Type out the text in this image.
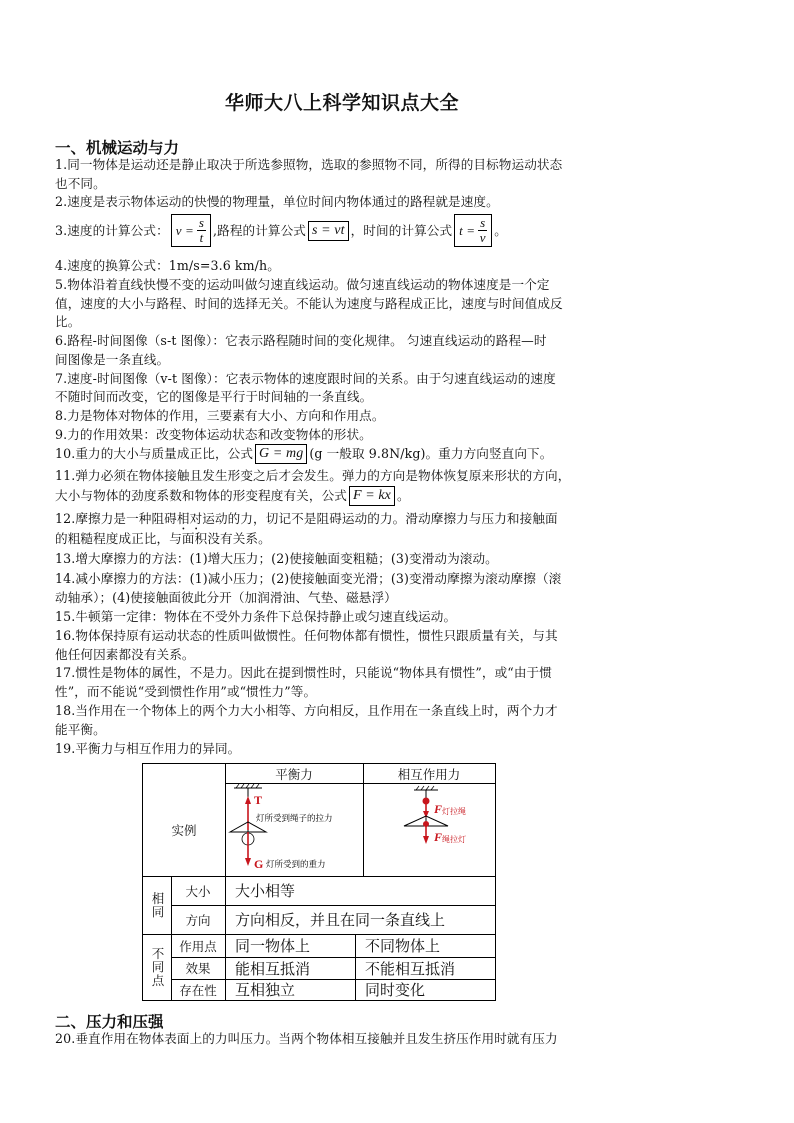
华师大八上科学知识点大全
一、机械运动与力
1.同一物体是运动还是静止取决于所选参照物，选取的参照物不同，所得的目标物运动状态
也不同。
2.速度是表示物体运动的快慢的物理量，单位时间内物体通过的路程就是速度。
3.速度的计算公式： $v = \frac{s}{t}$ ,路程的计算公式 s = vt ，时间的计算公式 $t = \frac{s}{v}$ 。
4.速度的换算公式：1m/s=3.6 km/h。
5.物体沿着直线快慢不变的运动叫做匀速直线运动。做匀速直线运动的物体速度是一个定
值，速度的大小与路程、时间的选择无关。不能认为速度与路程成正比，速度与时间值成反
比。
6.路程-时间图像（s-t 图像）：它表示路程随时间的变化规律。 匀速直线运动的路程—时
间图像是一条直线。
7.速度-时间图像（v-t 图像）：它表示物体的速度跟时间的关系。由于匀速直线运动的速度
不随时间而改变，它的图像是平行于时间轴的一条直线。
8.力是物体对物体的作用，三要素有大小、方向和作用点。
9.力的作用效果：改变物体运动状态和改变物体的形状。
10.重力的大小与质量成正比，公式 G = mg (g 一般取 9.8N/kg)。重力方向竖直向下。
11.弹力必须在物体接触且发生形变之后才会发生。弹力的方向是物体恢复原来形状的方向，
大小与物体的劲度系数和物体的形变程度有关，公式 F = kx 。
12.摩擦力是一种阻碍相对运动的力，切记不是阻碍运动的力。滑动摩擦力与压力和接触面
的粗糙程度成正比，与面积没有关系。
13.增大摩擦力的方法：(1)增大压力；(2)使接触面变粗糙；(3)变滑动为滚动。
14.减小摩擦力的方法：(1)减小压力；(2)使接触面变光滑；(3)变滑动摩擦为滚动摩擦（滚
动轴承）；(4)使接触面彼此分开（加润滑油、气垫、磁悬浮）
15.牛顿第一定律：物体在不受外力条件下总保持静止或匀速直线运动。
16.物体保持原有运动状态的性质叫做惯性。任何物体都有惯性，惯性只跟质量有关，与其
他任何因素都没有关系。
17.惯性是物体的属性，不是力。因此在提到惯性时，只能说“物体具有惯性”，或“由于惯
性”，而不能说“受到惯性作用”或“惯性力”等。
18.当作用在一个物体上的两个力大小相等、方向相反，且作用在一条直线上时，两个力才
能平衡。
19.平衡力与相互作用力的异同。
平衡力	相互作用力
实例
T
灯所受到绳子的拉力
G 灯所受到的重力
F 灯拉绳
F 绳拉灯
相同
大小	大小相等
方向	方向相反，并且在同一条直线上
不同点
作用点	同一物体上	不同物体上
效果	能相互抵消	不能相互抵消
存在性	互相独立	同时变化
二、压力和压强
20.垂直作用在物体表面上的力叫压力。当两个物体相互接触并且发生挤压作用时就有压力
